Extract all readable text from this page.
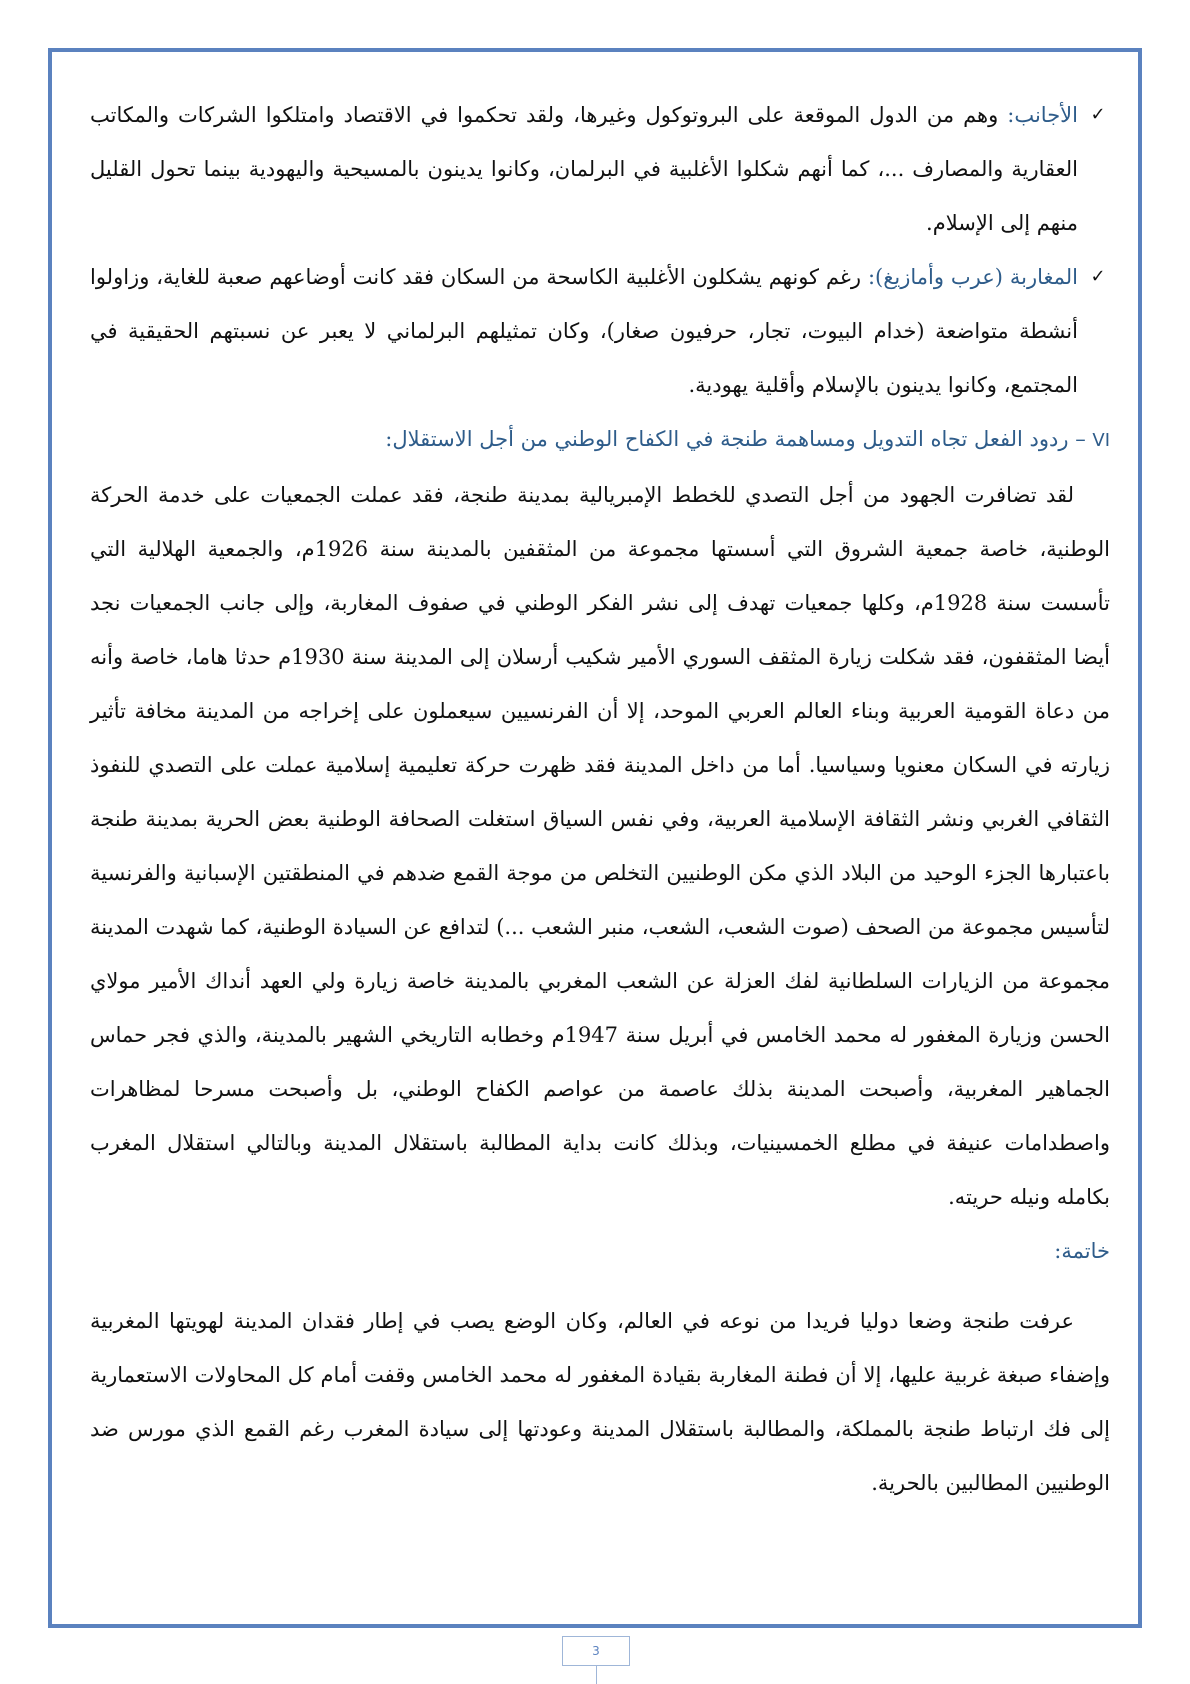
✓
الأجانب: وهم من الدول الموقعة على البروتوكول وغيرها، ولقد تحكموا في الاقتصاد وامتلكوا الشركات والمكاتب العقارية والمصارف ...، كما أنهم شكلوا الأغلبية في البرلمان، وكانوا يدينون بالمسيحية واليهودية بينما تحول القليل منهم إلى الإسلام.
✓
المغاربة (عرب وأمازيغ): رغم كونهم يشكلون الأغلبية الكاسحة من السكان فقد كانت أوضاعهم صعبة للغاية، وزاولوا أنشطة متواضعة (خدام البيوت، تجار، حرفيون صغار)، وكان تمثيلهم البرلماني لا يعبر عن نسبتهم الحقيقية في المجتمع، وكانوا يدينون بالإسلام وأقلية يهودية.
VI – ردود الفعل تجاه التدويل ومساهمة طنجة في الكفاح الوطني من أجل الاستقلال:
لقد تضافرت الجهود من أجل التصدي للخطط الإمبريالية بمدينة طنجة، فقد عملت الجمعيات على خدمة الحركة الوطنية، خاصة جمعية الشروق التي أسستها مجموعة من المثقفين بالمدينة سنة 1926م، والجمعية الهلالية التي تأسست سنة 1928م، وكلها جمعيات تهدف إلى نشر الفكر الوطني في صفوف المغاربة، وإلى جانب الجمعيات نجد أيضا المثقفون، فقد شكلت زيارة المثقف السوري الأمير شكيب أرسلان إلى المدينة سنة 1930م حدثا هاما، خاصة وأنه من دعاة القومية العربية وبناء العالم العربي الموحد، إلا أن الفرنسيين سيعملون على إخراجه من المدينة مخافة تأثير زيارته في السكان معنويا وسياسيا. أما من داخل المدينة فقد ظهرت حركة تعليمية إسلامية عملت على التصدي للنفوذ الثقافي الغربي ونشر الثقافة الإسلامية العربية، وفي نفس السياق استغلت الصحافة الوطنية بعض الحرية بمدينة طنجة باعتبارها الجزء الوحيد من البلاد الذي مكن الوطنيين التخلص من موجة القمع ضدهم في المنطقتين الإسبانية والفرنسية لتأسيس مجموعة من الصحف (صوت الشعب، الشعب، منبر الشعب ...) لتدافع عن السيادة الوطنية، كما شهدت المدينة مجموعة من الزيارات السلطانية لفك العزلة عن الشعب المغربي بالمدينة خاصة زيارة ولي العهد أنداك الأمير مولاي الحسن وزيارة المغفور له محمد الخامس في أبريل سنة 1947م وخطابه التاريخي الشهير بالمدينة، والذي فجر حماس الجماهير المغربية، وأصبحت المدينة بذلك عاصمة من عواصم الكفاح الوطني، بل وأصبحت مسرحا لمظاهرات واصطدامات عنيفة في مطلع الخمسينيات، وبذلك كانت بداية المطالبة باستقلال المدينة وبالتالي استقلال المغرب بكامله ونيله حريته.
خاتمة:
عرفت طنجة وضعا دوليا فريدا من نوعه في العالم، وكان الوضع يصب في إطار فقدان المدينة لهويتها المغربية وإضفاء صبغة غربية عليها، إلا أن فطنة المغاربة بقيادة المغفور له محمد الخامس وقفت أمام كل المحاولات الاستعمارية إلى فك ارتباط طنجة بالمملكة، والمطالبة باستقلال المدينة وعودتها إلى سيادة المغرب رغم القمع الذي مورس ضد الوطنيين المطالبين بالحرية.
3
